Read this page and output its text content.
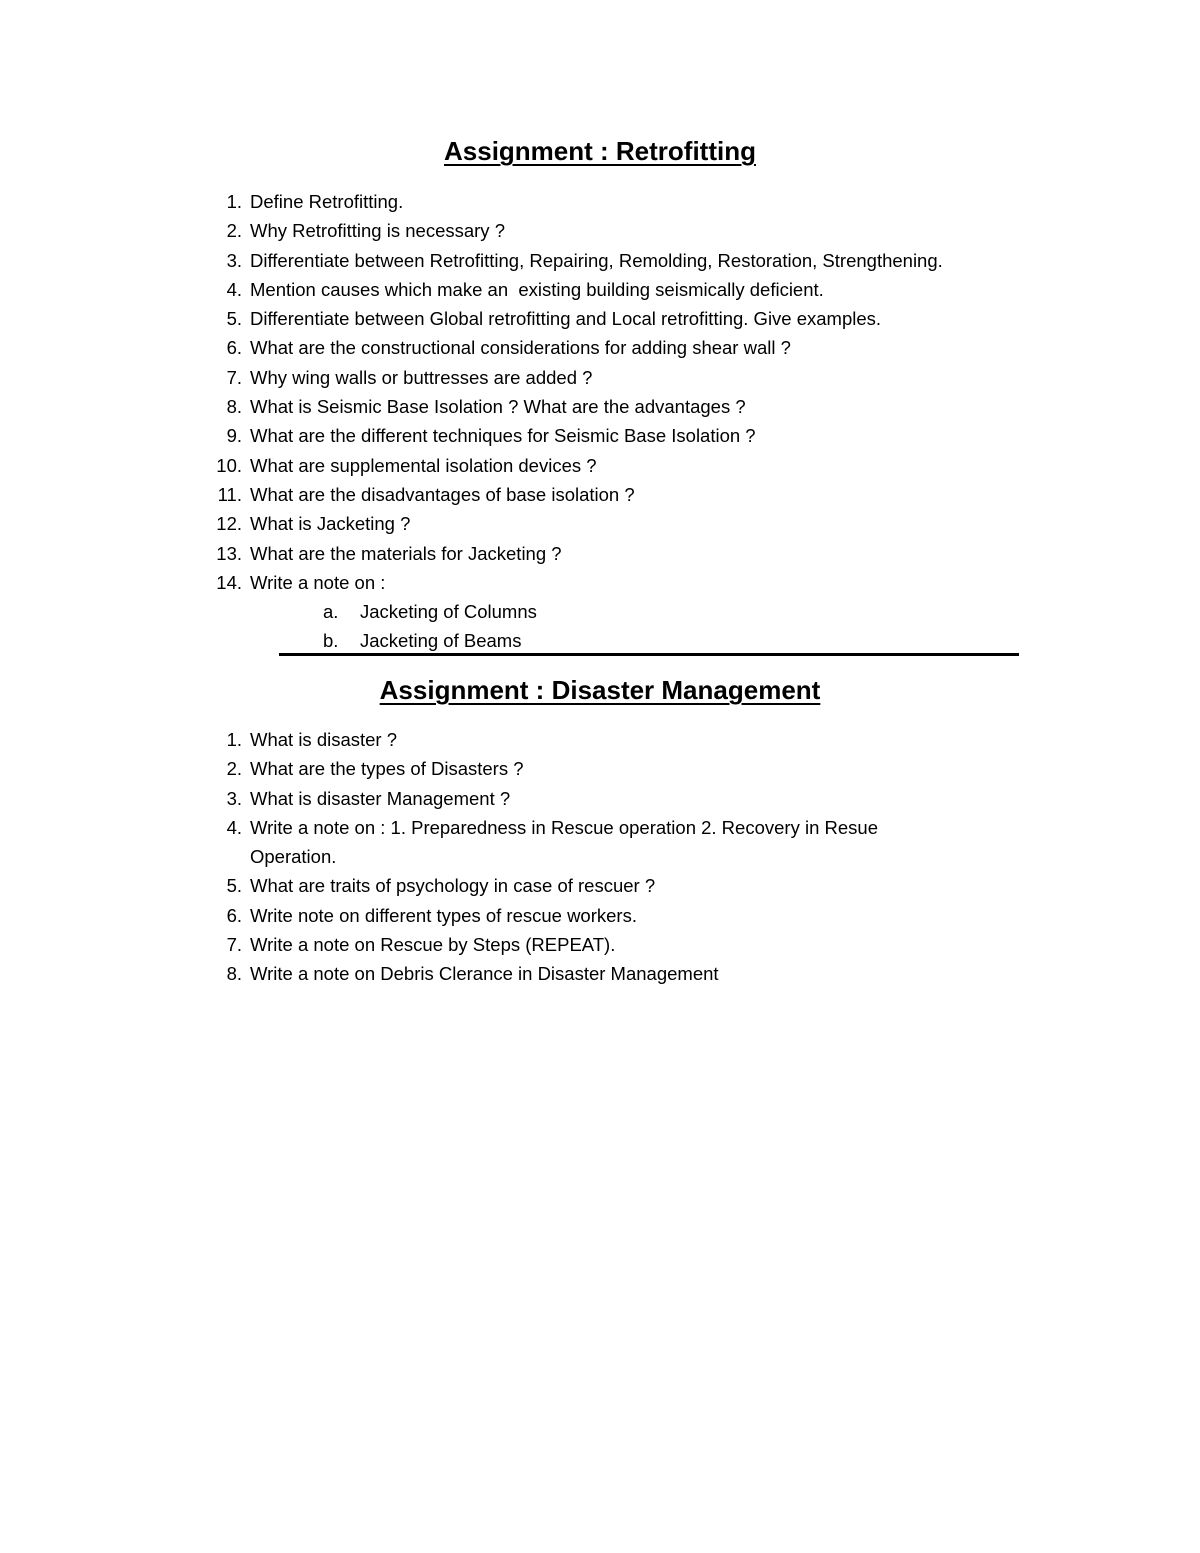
Assignment : Retrofitting
1. Define Retrofitting.
2. Why Retrofitting is necessary ?
3. Differentiate between Retrofitting, Repairing, Remolding, Restoration, Strengthening.
4. Mention causes which make an  existing building seismically deficient.
5. Differentiate between Global retrofitting and Local retrofitting. Give examples.
6. What are the constructional considerations for adding shear wall ?
7. Why wing walls or buttresses are added ?
8. What is Seismic Base Isolation ? What are the advantages ?
9. What are the different techniques for Seismic Base Isolation ?
10. What are supplemental isolation devices ?
11. What are the disadvantages of base isolation ?
12. What is Jacketing ?
13. What are the materials for Jacketing ?
14. Write a note on :
a.	Jacketing of Columns
b.	Jacketing of Beams
Assignment : Disaster Management
1. What is disaster ?
2. What are the types of Disasters ?
3. What is disaster Management ?
4. Write a note on : 1. Preparedness in Rescue operation 2. Recovery in Resue Operation.
5. What are traits of psychology in case of rescuer ?
6. Write note on different types of rescue workers.
7. Write a note on Rescue by Steps (REPEAT).
8. Write a note on Debris Clerance in Disaster Management
